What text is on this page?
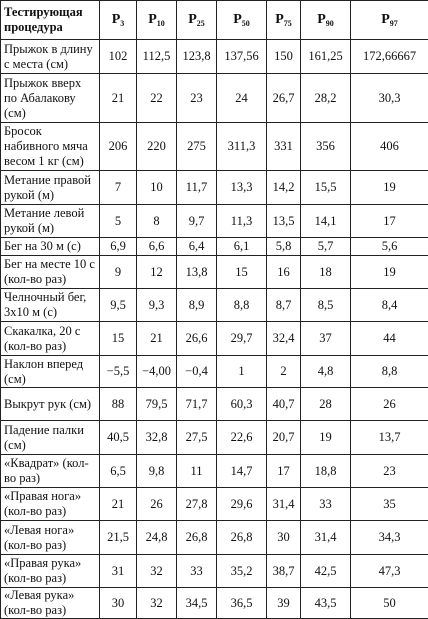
Тестирующая процедура	$P_3$	$P_{10}$	$P_{25}$	$P_{50}$	$P_{75}$	$P_{90}$	$P_{97}$
Прыжок в длину с места (см)	102	112,5	123,8	137,56	150	161,25	172,66667
Прыжок вверх по Абалакову (см)	21	22	23	24	26,7	28,2	30,3
Бросок набивного мяча весом 1 кг (см)	206	220	275	311,3	331	356	406
Метание правой рукой (м)	7	10	11,7	13,3	14,2	15,5	19
Метание левой рукой (м)	5	8	9,7	11,3	13,5	14,1	17
Бег на 30 м (с)	6,9	6,6	6,4	6,1	5,8	5,7	5,6
Бег на месте 10 с (кол-во раз)	9	12	13,8	15	16	18	19
Челночный бег, 3х10 м (с)	9,5	9,3	8,9	8,8	8,7	8,5	8,4
Скакалка, 20 с (кол-во раз)	15	21	26,6	29,7	32,4	37	44
Наклон вперед (см)	−5,5	−4,00	−0,4	1	2	4,8	8,8
Выкрут рук (см)	88	79,5	71,7	60,3	40,7	28	26
Падение палки (см)	40,5	32,8	27,5	22,6	20,7	19	13,7
«Квадрат» (кол-во раз)	6,5	9,8	11	14,7	17	18,8	23
«Правая нога» (кол-во раз)	21	26	27,8	29,6	31,4	33	35
«Левая нога» (кол-во раз)	21,5	24,8	26,8	26,8	30	31,4	34,3
«Правая рука» (кол-во раз)	31	32	33	35,2	38,7	42,5	47,3
«Левая рука» (кол-во раз)	30	32	34,5	36,5	39	43,5	50
